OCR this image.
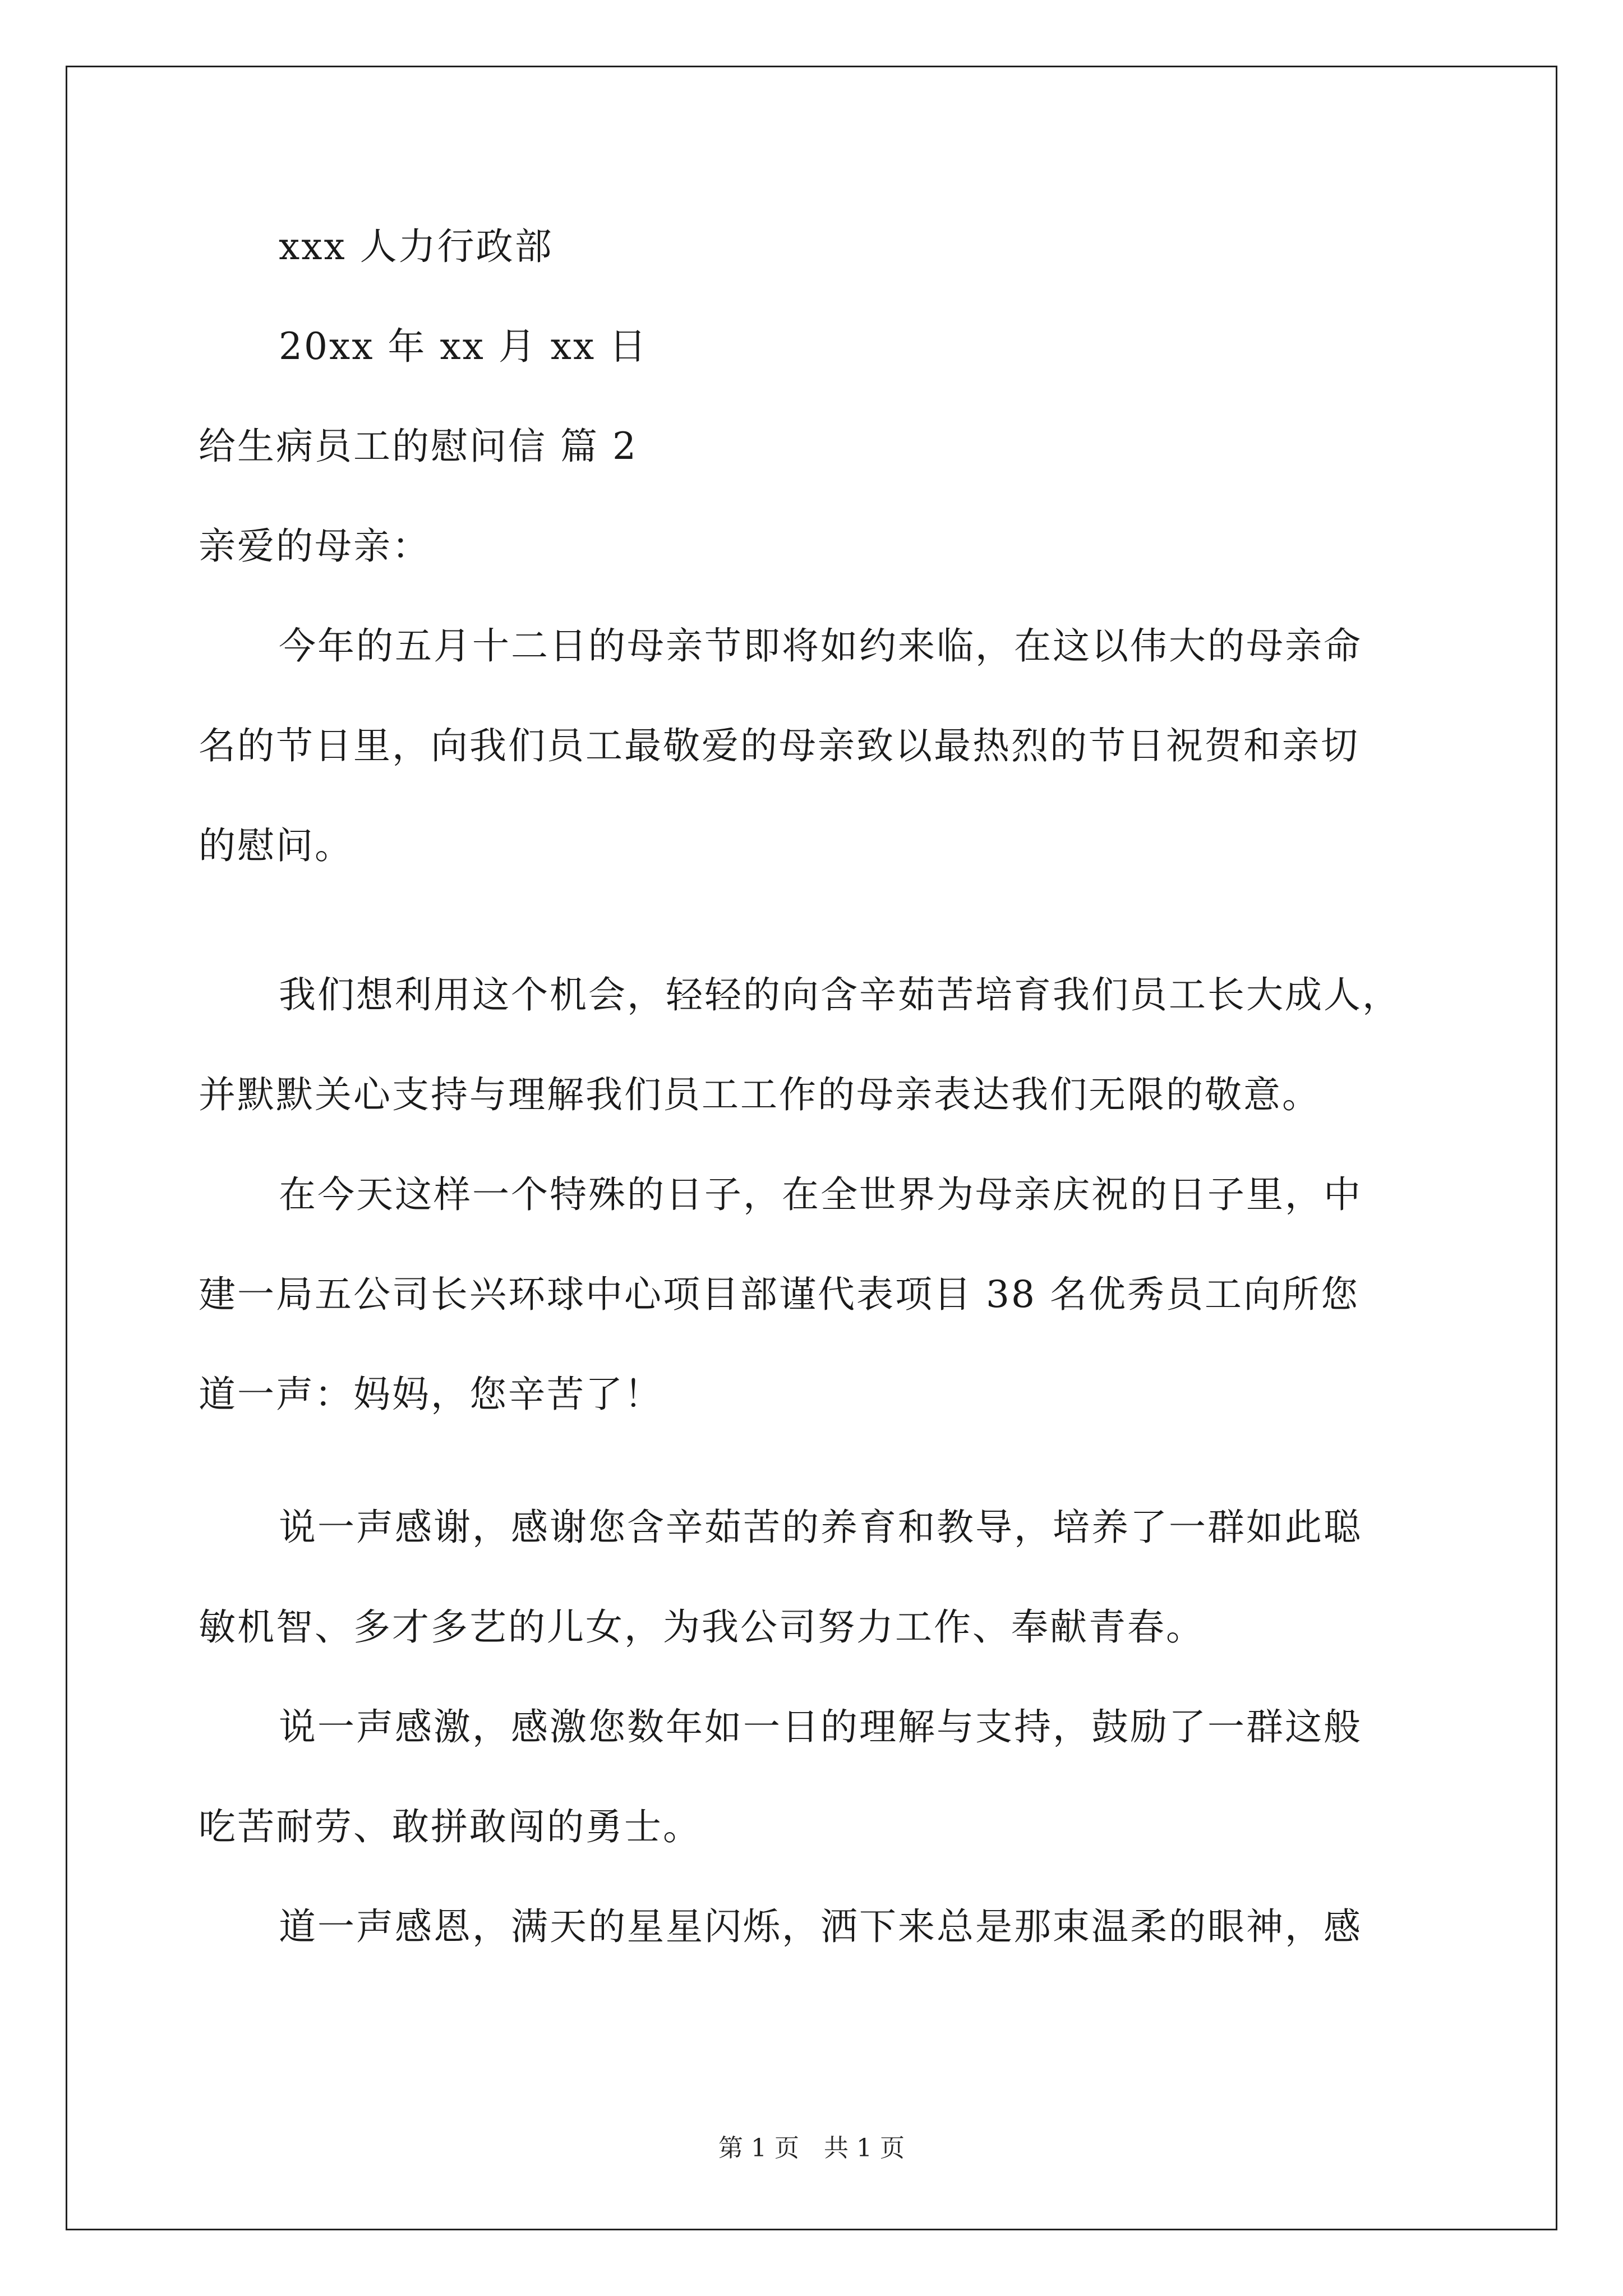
xxx 人力行政部
20xx 年 xx 月 xx 日
给生病员工的慰问信 篇 2
亲爱的母亲：
今年的五月十二日的母亲节即将如约来临，在这以伟大的母亲命
名的节日里，向我们员工最敬爱的母亲致以最热烈的节日祝贺和亲切
的慰问。
我们想利用这个机会，轻轻的向含辛茹苦培育我们员工长大成人，
并默默关心支持与理解我们员工工作的母亲表达我们无限的敬意。
在今天这样一个特殊的日子，在全世界为母亲庆祝的日子里，中
建一局五公司长兴环球中心项目部谨代表项目 38 名优秀员工向所您
道一声：妈妈，您辛苦了！
说一声感谢，感谢您含辛茹苦的养育和教导，培养了一群如此聪
敏机智、多才多艺的儿女，为我公司努力工作、奉献青春。
说一声感激，感激您数年如一日的理解与支持，鼓励了一群这般
吃苦耐劳、敢拼敢闯的勇士。
道一声感恩，满天的星星闪烁，洒下来总是那束温柔的眼神，感
第 1 页　共 1 页
